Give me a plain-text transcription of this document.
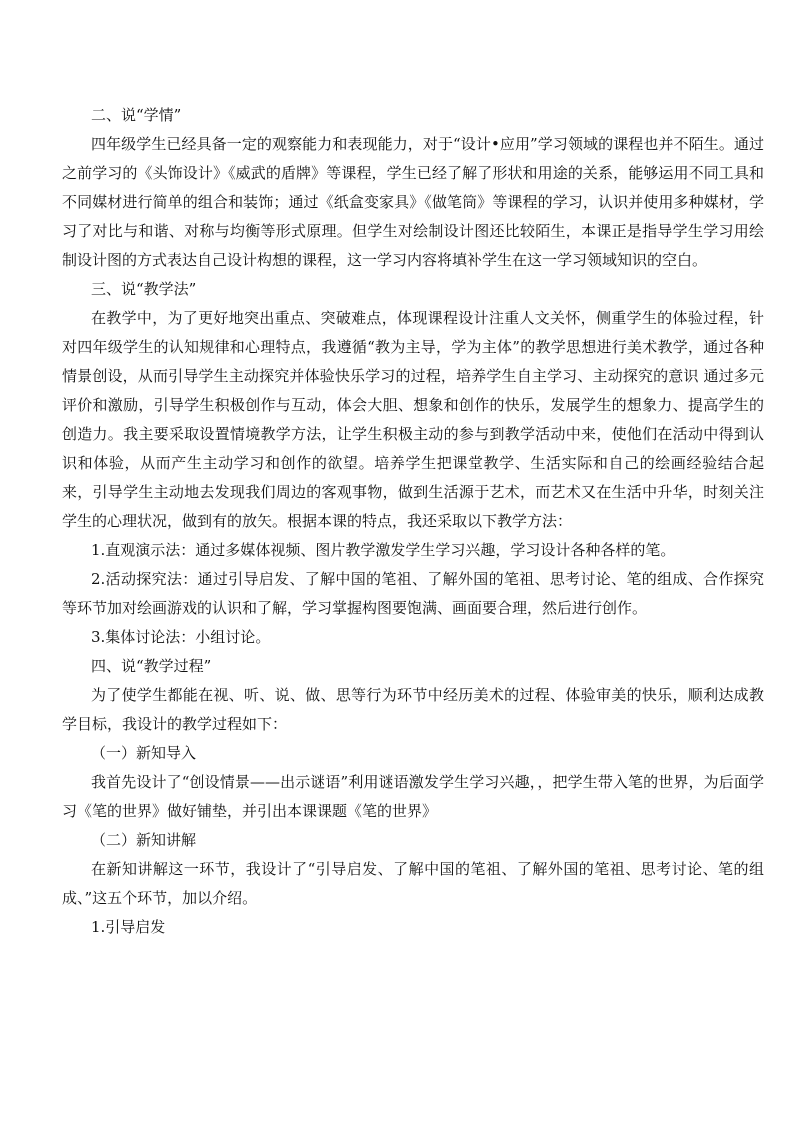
二、说“学情”

四年级学生已经具备一定的观察能力和表现能力，对于“设计•应用”学习领域的课程也并不陌生。通过之前学习的《头饰设计》《威武的盾牌》等课程，学生已经了解了形状和用途的关系，能够运用不同工具和不同媒材进行简单的组合和装饰；通过《纸盒变家具》《做笔筒》等课程的学习，认识并使用多种媒材，学习了对比与和谐、对称与均衡等形式原理。但学生对绘制设计图还比较陌生，本课正是指导学生学习用绘制设计图的方式表达自己设计构想的课程，这一学习内容将填补学生在这一学习领域知识的空白。

三、说“教学法”

在教学中，为了更好地突出重点、突破难点，体现课程设计注重人文关怀，侧重学生的体验过程，针对四年级学生的认知规律和心理特点，我遵循“教为主导，学为主体”的教学思想进行美术教学，通过各种情景创设，从而引导学生主动探究并体验快乐学习的过程，培养学生自主学习、主动探究的意识 通过多元评价和激励，引导学生积极创作与互动，体会大胆、想象和创作的快乐，发展学生的想象力、提高学生的创造力。我主要采取设置情境教学方法，让学生积极主动的参与到教学活动中来，使他们在活动中得到认识和体验，从而产生主动学习和创作的欲望。培养学生把课堂教学、生活实际和自己的绘画经验结合起来，引导学生主动地去发现我们周边的客观事物，做到生活源于艺术，而艺术又在生活中升华，时刻关注学生的心理状况，做到有的放矢。根据本课的特点，我还采取以下教学方法：

1.直观演示法：通过多媒体视频、图片教学激发学生学习兴趣，学习设计各种各样的笔。

2.活动探究法：通过引导启发、了解中国的笔祖、了解外国的笔祖、思考讨论、笔的组成、合作探究等环节加对绘画游戏的认识和了解，学习掌握构图要饱满、画面要合理，然后进行创作。

3.集体讨论法：小组讨论。

四、说“教学过程”

为了使学生都能在视、听、说、做、思等行为环节中经历美术的过程、体验审美的快乐，顺利达成教学目标，我设计的教学过程如下：

（一）新知导入

我首先设计了“创设情景——出示谜语”利用谜语激发学生学习兴趣，，把学生带入笔的世界，为后面学习《笔的世界》做好铺垫，并引出本课课题《笔的世界》

（二）新知讲解

在新知讲解这一环节，我设计了“引导启发、了解中国的笔祖、了解外国的笔祖、思考讨论、笔的组成、”这五个环节，加以介绍。

1.引导启发
